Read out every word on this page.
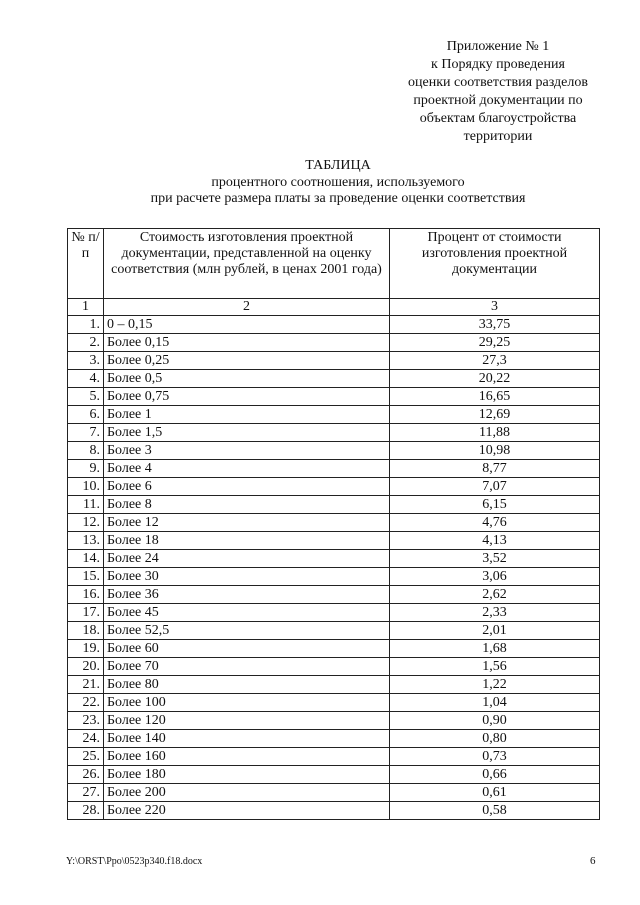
Приложение № 1
к Порядку проведения
оценки соответствия разделов
проектной документации по
объектам благоустройства
территории
ТАБЛИЦА
процентного соотношения, используемого
при расчете размера платы за проведение оценки соответствия
№ п/п	Стоимость изготовления проектной документации, представленной на оценку соответствия (млн рублей, в ценах 2001 года)	Процент от стоимости изготовления проектной документации
1	2	3
1.	0 – 0,15	33,75
2.	Более 0,15	29,25
3.	Более 0,25	27,3
4.	Более 0,5	20,22
5.	Более 0,75	16,65
6.	Более 1	12,69
7.	Более 1,5	11,88
8.	Более 3	10,98
9.	Более 4	8,77
10.	Более 6	7,07
11.	Более 8	6,15
12.	Более 12	4,76
13.	Более 18	4,13
14.	Более 24	3,52
15.	Более 30	3,06
16.	Более 36	2,62
17.	Более 45	2,33
18.	Более 52,5	2,01
19.	Более 60	1,68
20.	Более 70	1,56
21.	Более 80	1,22
22.	Более 100	1,04
23.	Более 120	0,90
24.	Более 140	0,80
25.	Более 160	0,73
26.	Более 180	0,66
27.	Более 200	0,61
28.	Более 220	0,58
Y:\ORST\Ppo\0523p340.f18.docx	6
